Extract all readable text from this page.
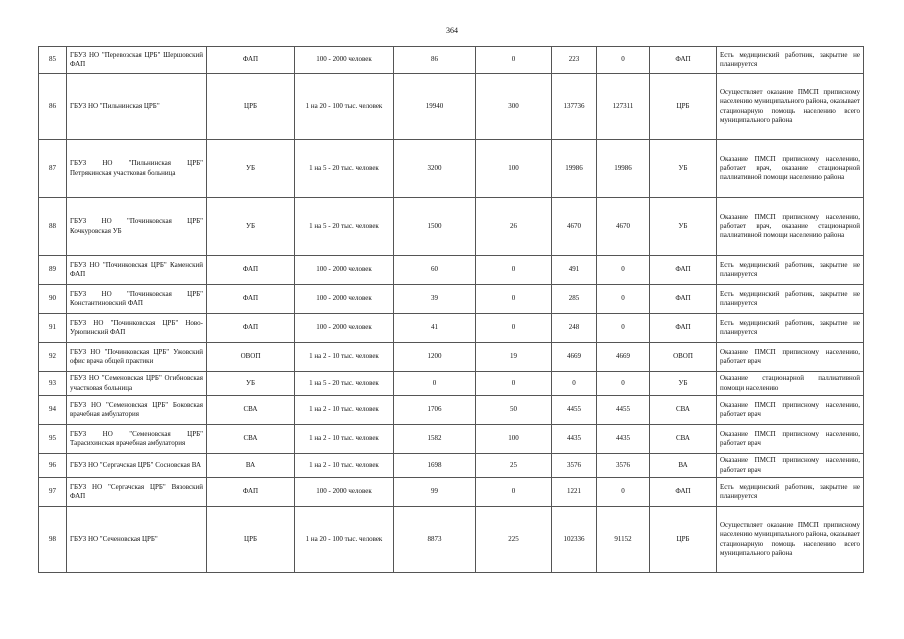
364
85	ГБУЗ НО "Перевозская ЦРБ" Шершовский ФАП	ФАП	100 - 2000 человек	86	0	223	0	ФАП	Есть медицинский работник, закрытие не планируется
86	ГБУЗ НО "Пильнинская ЦРБ"	ЦРБ	1 на 20 - 100 тыс. человек	19940	300	137736	127311	ЦРБ	Осуществляет оказание ПМСП приписному населению муниципального района, оказывает стационарную помощь населению всего муниципального района
87	ГБУЗ НО "Пильнинская ЦРБ" Петрякинская участковая больница	УБ	1 на 5 - 20 тыс. человек	3200	100	19986	19986	УБ	Оказание ПМСП приписному населению, работает врач, оказание стационарной паллиативной помощи населению района
88	ГБУЗ НО "Починковская ЦРБ" Кочкуровская УБ	УБ	1 на 5 - 20 тыс. человек	1500	26	4670	4670	УБ	Оказание ПМСП приписному населению, работает врач, оказание стационарной паллиативной помощи населению района
89	ГБУЗ НО "Починковская ЦРБ" Каменский ФАП	ФАП	100 - 2000 человек	60	0	491	0	ФАП	Есть медицинский работник, закрытие не планируется
90	ГБУЗ НО "Починковская ЦРБ" Константиновский ФАП	ФАП	100 - 2000 человек	39	0	285	0	ФАП	Есть медицинский работник, закрытие не планируется
91	ГБУЗ НО "Починковская ЦРБ" Ново-Урюпинский ФАП	ФАП	100 - 2000 человек	41	0	248	0	ФАП	Есть медицинский работник, закрытие не планируется
92	ГБУЗ НО "Починковская ЦРБ" Ужовский офис врача общей практики	ОВОП	1 на 2 - 10 тыс. человек	1200	19	4669	4669	ОВОП	Оказание ПМСП приписному населению, работает врач
93	ГБУЗ НО "Семеновская ЦРБ" Огибновская участковая больница	УБ	1 на 5 - 20 тыс. человек	0	0	0	0	УБ	Оказание стационарной паллиативной помощи населению
94	ГБУЗ НО "Семеновская ЦРБ" Боковская врачебная амбулатория	СВА	1 на 2 - 10 тыс. человек	1706	50	4455	4455	СВА	Оказание ПМСП приписному населению, работает врач
95	ГБУЗ НО "Семеновская ЦРБ" Тарасихинская врачебная амбулатория	СВА	1 на 2 - 10 тыс. человек	1582	100	4435	4435	СВА	Оказание ПМСП приписному населению, работает врач
96	ГБУЗ НО "Сергачская ЦРБ" Сосновская ВА	ВА	1 на 2 - 10 тыс. человек	1698	25	3576	3576	ВА	Оказание ПМСП приписному населению, работает врач
97	ГБУЗ НО "Сергачская ЦРБ" Вязовский ФАП	ФАП	100 - 2000 человек	99	0	1221	0	ФАП	Есть медицинский работник, закрытие не планируется
98	ГБУЗ НО "Сеченовская ЦРБ"	ЦРБ	1 на 20 - 100 тыс. человек	8873	225	102336	91152	ЦРБ	Осуществляет оказание ПМСП приписному населению муниципального района, оказывает стационарную помощь населению всего муниципального района
